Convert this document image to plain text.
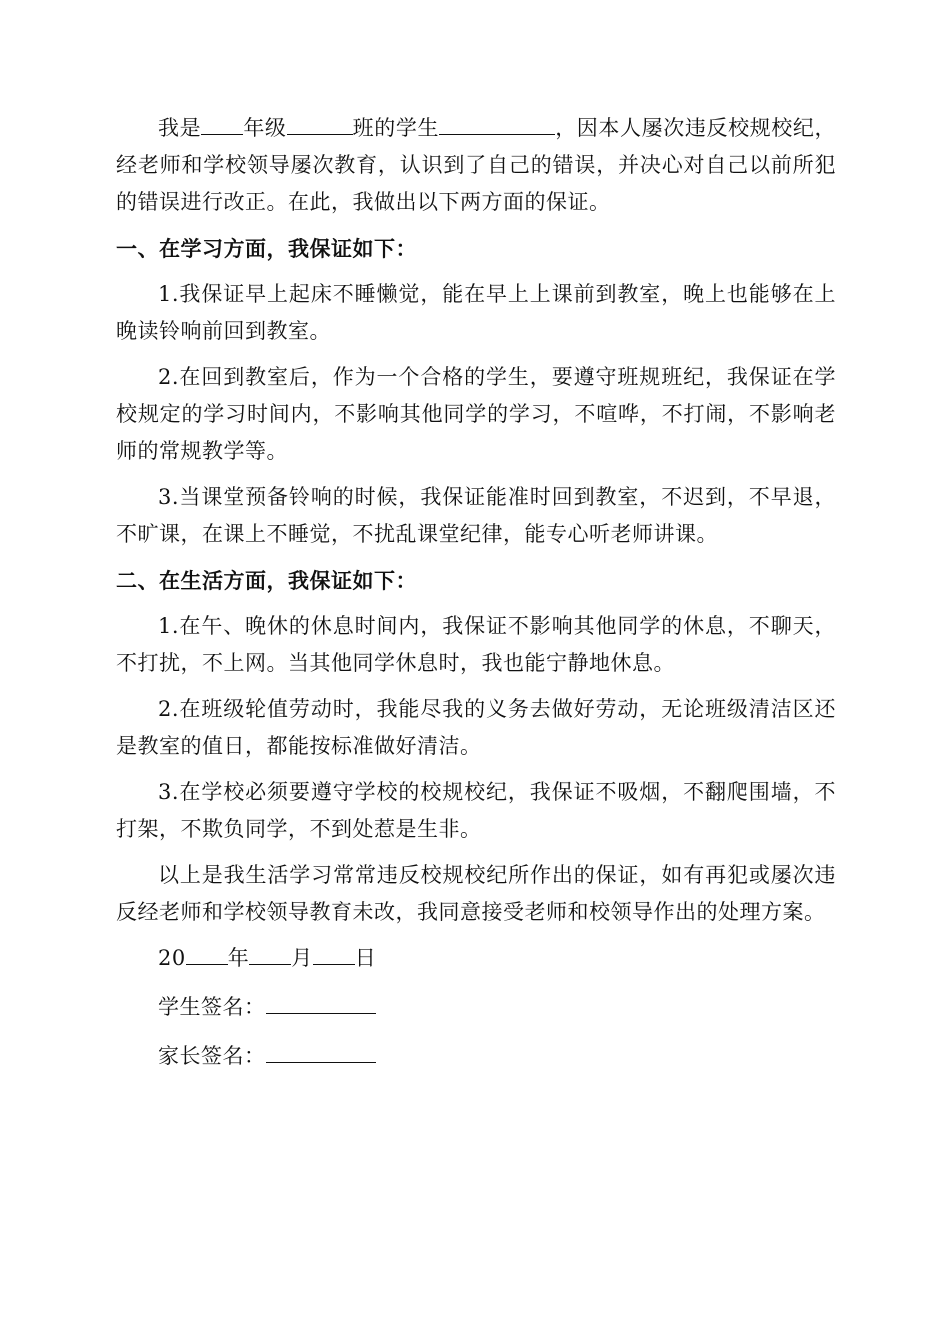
我是 年级	班的学生	，因本人屡次违反校规校纪，经老师和学校领导屡次教育，认识到了自己的错误，并决心对自己以前所犯的错误进行改正。在此，我做出以下两方面的保证。

一、在学习方面，我保证如下：

1.我保证早上起床不睡懒觉，能在早上上课前到教室，晚上也能够在上晚读铃响前回到教室。

2.在回到教室后，作为一个合格的学生，要遵守班规班纪，我保证在学校规定的学习时间内，不影响其他同学的学习，不喧哗，不打闹，不影响老师的常规教学等。

3.当课堂预备铃响的时候，我保证能准时回到教室，不迟到，不早退，不旷课，在课上不睡觉，不扰乱课堂纪律，能专心听老师讲课。

二、在生活方面，我保证如下：

1.在午、晚休的休息时间内，我保证不影响其他同学的休息，不聊天，不打扰，不上网。当其他同学休息时，我也能宁静地休息。

2.在班级轮值劳动时，我能尽我的义务去做好劳动，无论班级清洁区还是教室的值日，都能按标准做好清洁。

3.在学校必须要遵守学校的校规校纪，我保证不吸烟，不翻爬围墙，不打架，不欺负同学，不到处惹是生非。

以上是我生活学习常常违反校规校纪所作出的保证，如有再犯或屡次违反经老师和学校领导教育未改，我同意接受老师和校领导作出的处理方案。

20 年 月 日

学生签名：

家长签名：
